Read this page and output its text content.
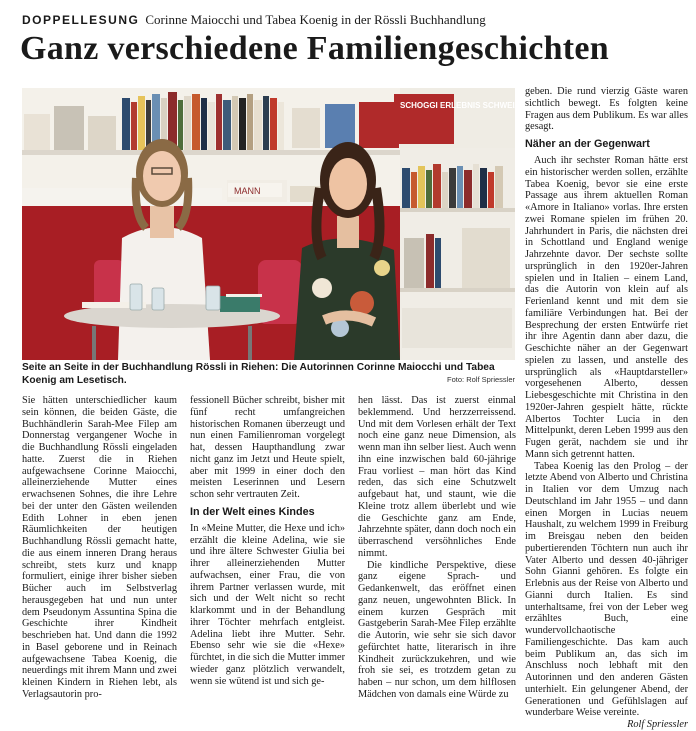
DOPPELLESUNG Corinne Maiocchi und Tabea Koenig in der Rössli Buchhandlung
Ganz verschiedene Familiengeschichten
SCHOGGI ERLEBNIS SCHWEIZ
MANN

Seite an Seite in der Buchhandlung Rössli in Riehen: Die Autorinnen Corinne Maiocchi und Tabea Koenig am Lesetisch.	Foto: Rolf Spriessler

Sie hätten unterschiedlicher kaum sein können, die beiden Gäste, die Buchhändlerin Sarah-Mee Filep am Donnerstag vergangener Woche in die Buchhandlung Rössli eingeladen hatte. Zuerst die in Riehen aufgewachsene Corinne Maiocchi, alleinerziehende Mutter eines erwachsenen Sohnes, die ihre Lehre bei der unter den Gästen weilenden Edith Lohner in eben jenen Räumlichkeiten der heutigen Buchhandlung Rössli gemacht hatte, die aus einem inneren Drang heraus schreibt, stets kurz und knapp formuliert, einige ihrer bisher sieben Bücher auch im Selbstverlag herausgegeben hat und nun unter dem Pseudonym Assuntina Spina die Geschichte ihrer Kindheit beschrieben hat. Und dann die 1992 in Basel geborene und in Reinach aufgewachsene Tabea Koenig, die neuerdings mit ihrem Mann und zwei kleinen Kindern in Riehen lebt, als Verlagsautorin pro-

fessionell Bücher schreibt, bisher mit fünf recht umfangreichen historischen Romanen überzeugt und nun einen Familienroman vorgelegt hat, dessen Haupthandlung zwar nicht ganz im Jetzt und Heute spielt, aber mit 1999 in einer doch den meisten Leserinnen und Lesern schon sehr vertrauten Zeit.

In der Welt eines Kindes

In «Meine Mutter, die Hexe und ich» erzählt die kleine Adelina, wie sie und ihre ältere Schwester Giulia bei ihrer alleinerziehenden Mutter aufwachsen, einer Frau, die von ihrem Partner verlassen wurde, mit sich und der Welt nicht so recht klarkommt und in der Behandlung ihrer Töchter mehrfach entgleist. Adelina liebt ihre Mutter. Sehr. Ebenso sehr wie sie die «Hexe» fürchtet, in die sich die Mutter immer wieder ganz plötzlich verwandelt, wenn sie wütend ist und sich ge-

hen lässt. Das ist zuerst einmal beklemmend. Und herzzerreissend. Und mit dem Vorlesen erhält der Text noch eine ganz neue Dimension, als wenn man ihn selber liest. Auch wenn ihn eine inzwischen bald 60-jährige Frau vorliest – man hört das Kind reden, das sich eine Schutzwelt aufgebaut hat, und staunt, wie die Kleine trotz allem überlebt und wie die Geschichte ganz am Ende, Jahrzehnte später, dann doch noch ein überraschend versöhnliches Ende nimmt.

Die kindliche Perspektive, diese ganz eigene Sprach- und Gedankenwelt, das eröffnet einen ganz neuen, ungewohnten Blick. In einem kurzen Gespräch mit Gastgeberin Sarah-Mee Filep erzählte die Autorin, wie sehr sie sich davor gefürchtet hatte, literarisch in ihre Kindheit zurückzukehren, und wie froh sie sei, es trotzdem getan zu haben – nur schon, um dem hilflosen Mädchen von damals eine Würde zu

geben. Die rund vierzig Gäste waren sichtlich bewegt. Es folgten keine Fragen aus dem Publikum. Es war alles gesagt.

Näher an der Gegenwart

Auch ihr sechster Roman hätte erst ein historischer werden sollen, erzählte Tabea Koenig, bevor sie eine erste Passage aus ihrem aktuellen Roman «Amore in Italiano» vorlas. Ihre ersten zwei Romane spielen im frühen 20. Jahrhundert in Paris, die nächsten drei in Schottland und England wenige Jahrzehnte davor. Der sechste sollte ursprünglich in den 1920er-Jahren spielen und in Italien – einem Land, das die Autorin von klein auf als Ferienland kennt und mit dem sie familiäre Verbindungen hat. Bei der Besprechung der ersten Entwürfe riet ihr ihre Agentin dann aber dazu, die Geschichte näher an der Gegenwart spielen zu lassen, und anstelle des ursprünglich als «Hauptdarsteller» vorgesehenen Alberto, dessen Liebesgeschichte mit Christina in den 1920er-Jahren gespielt hätte, rückte Albertos Tochter Lucia in den Mittelpunkt, deren Leben 1999 aus den Fugen gerät, nachdem sie und ihr Mann sich getrennt hatten.

Tabea Koenig las den Prolog – der letzte Abend von Alberto und Christina in Italien vor dem Umzug nach Deutschland im Jahr 1955 – und dann einen Morgen in Lucias neuem Haushalt, zu welchem 1999 in Freiburg im Breisgau neben den beiden pubertierenden Töchtern nun auch ihr Vater Alberto und dessen 40-jähriger Sohn Gianni gehören. Es folgte ein Erlebnis aus der Reise von Alberto und Gianni durch Italien. Es sind unterhaltsame, frei von der Leber weg erzähltes Buch, eine wundervollchaotische Familiengeschichte. Das kam auch beim Publikum an, das sich im Anschluss noch lebhaft mit den Autorinnen und den anderen Gästen unterhielt. Ein gelungener Abend, der Generationen und Gefühlslagen auf wunderbare Weise vereinte.

Rolf Spriessler
